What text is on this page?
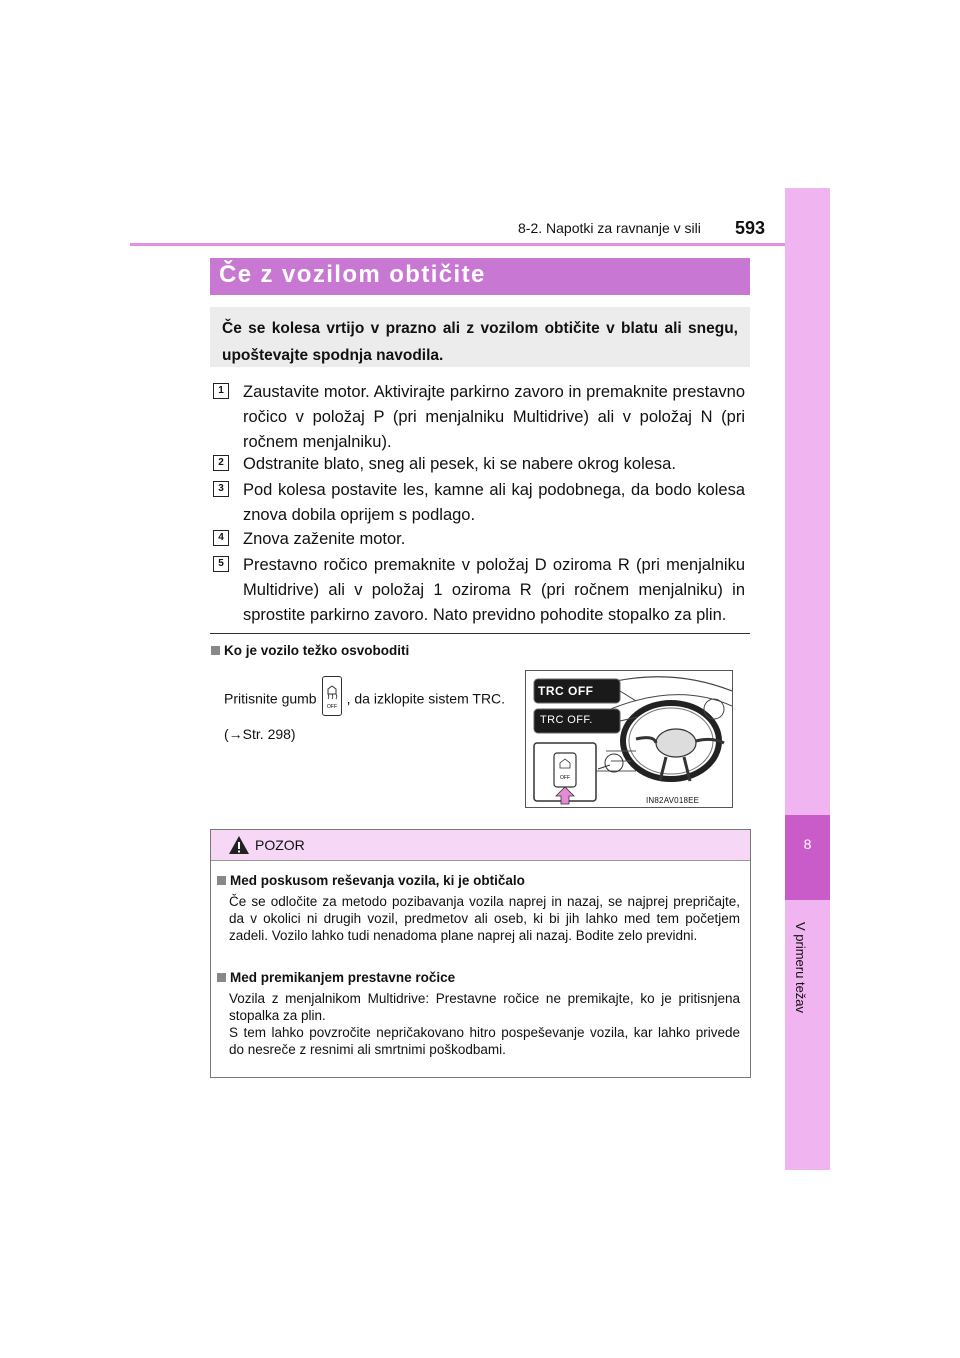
8-2. Napotki za ravnanje v sili 593
8
V primeru težav
Če z vozilom obtičite

Če se kolesa vrtijo v prazno ali z vozilom obtičite v blatu ali snegu, upoštevajte spodnja navodila.

1	Zaustavite motor. Aktivirajte parkirno zavoro in premaknite prestavno ročico v položaj P (pri menjalniku Multidrive) ali v položaj N (pri ročnem menjalniku).
2	Odstranite blato, sneg ali pesek, ki se nabere okrog kolesa.
3	Pod kolesa postavite les, kamne ali kaj podobnega, da bodo kolesa znova dobila oprijem s podlago.
4	Znova zaženite motor.
5	Prestavno ročico premaknite v položaj D oziroma R (pri menjalniku Multidrive) ali v položaj 1 oziroma R (pri ročnem menjalniku) in sprostite parkirno zavoro. Nato previdno pohodite stopalko za plin.
Ko je vozilo težko osvoboditi
Pritisnite gumb
OFF
, da izklopite sistem TRC. (→Str. 298)
OFF
TRC OFF
TRC OFF.
IN82AV018EE
POZOR
Med poskusom reševanja vozila, ki je obtičalo
Če se odločite za metodo pozibavanja vozila naprej in nazaj, se najprej prepričajte, da v okolici ni drugih vozil, predmetov ali oseb, ki bi jih lahko med tem početjem zadeli. Vozilo lahko tudi nenadoma plane naprej ali nazaj. Bodite zelo previdni.
Med premikanjem prestavne ročice
Vozila z menjalnikom Multidrive: Prestavne ročice ne premikajte, ko je pritisnjena stopalka za plin.
S tem lahko povzročite nepričakovano hitro pospeševanje vozila, kar lahko privede do nesreče z resnimi ali smrtnimi poškodbami.
